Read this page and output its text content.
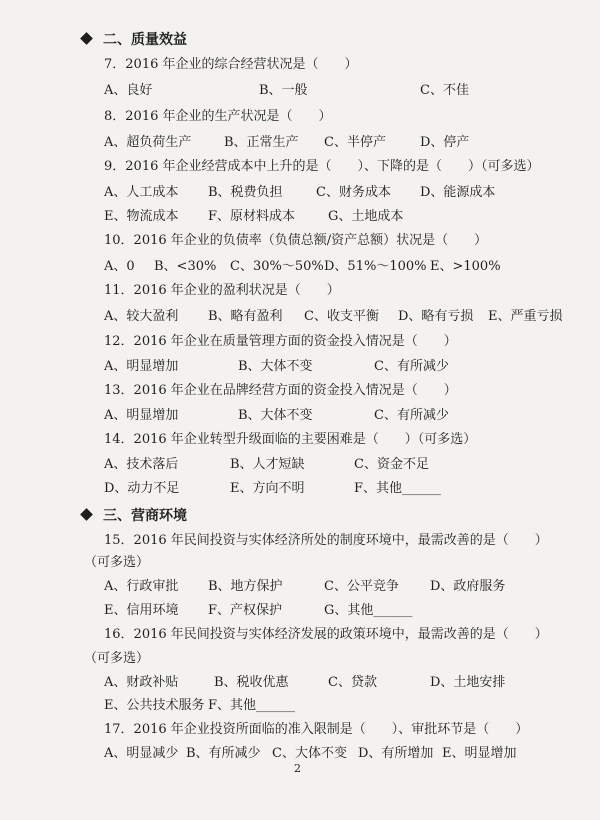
二、质量效益
7．2016 年企业的综合经营状况是（　　）
A、良好	B、一般	C、不佳
8．2016 年企业的生产状况是（　　）
A、超负荷生产	B、正常生产 C、半停产	D、停产
9．2016 年企业经营成本中上升的是（　　）、下降的是（　　）（可多选）
A、人工成本 B、税费负担	C、财务成本 D、能源成本
E、物流成本 F、原材料成本	G、土地成本
10．2016 年企业的负债率（负债总额/资产总额）状况是（　　）
A、0 B、<30% C、30%～50% D、51%～100% E、>100%
11．2016 年企业的盈利状况是（　　）
A、较大盈利 B、略有盈利 C、收支平衡 D、略有亏损 E、严重亏损
12．2016 年企业在质量管理方面的资金投入情况是（　　）
A、明显增加	B、大体不变	C、有所减少
13．2016 年企业在品牌经营方面的资金投入情况是（　　）
A、明显增加	B、大体不变	C、有所减少
14．2016 年企业转型升级面临的主要困难是（　　）（可多选）
A、技术落后	B、人才短缺	C、资金不足
D、动力不足	E、方向不明	F、其他______
三、营商环境
15．2016 年民间投资与实体经济所处的制度环境中，最需改善的是（　　）
（可多选）
A、行政审批 B、地方保护	C、公平竞争 D、政府服务
E、信用环境 F、产权保护	G、其他______
16．2016 年民间投资与实体经济发展的政策环境中，最需改善的是（　　）
（可多选）
A、财政补贴	B、税收优惠	C、贷款	D、土地安排
E、公共技术服务 F、其他______
17．2016 年企业投资所面临的准入限制是（　　）、审批环节是（　　）
A、明显减少 B、有所减少 C、大体不变 D、有所增加 E、明显增加
2
